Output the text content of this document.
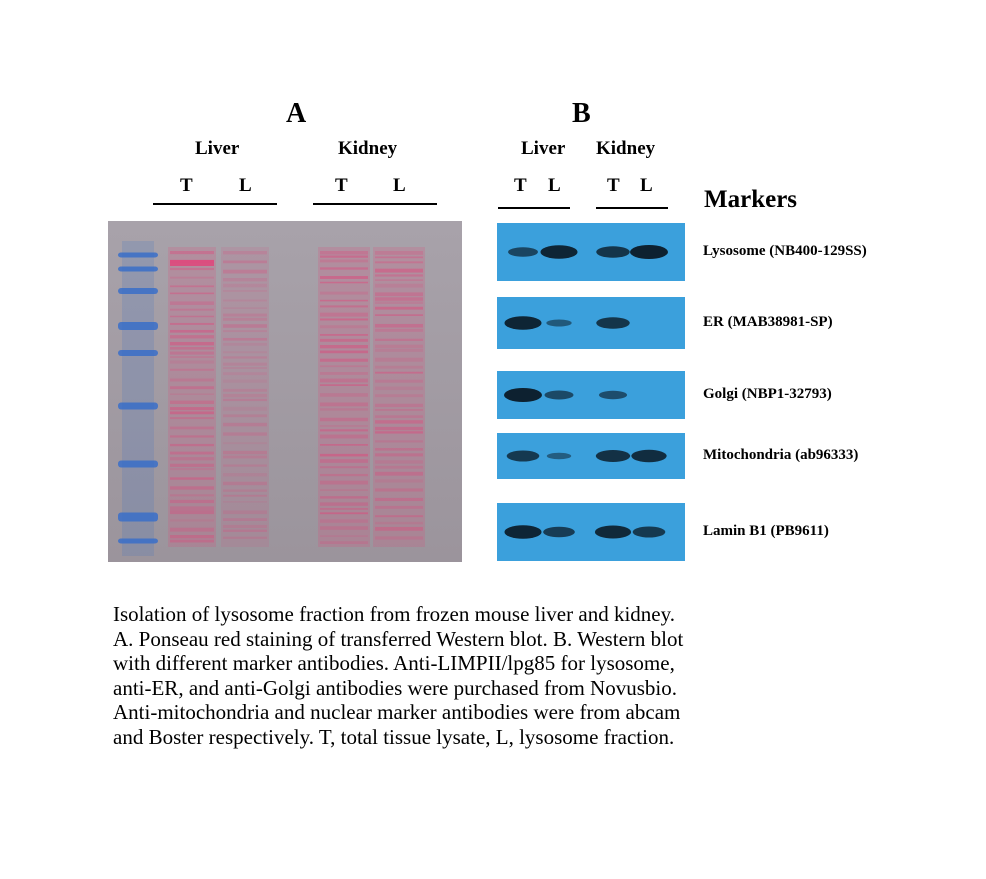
A
Liver	Kidney
T L	T L
B
Liver Kidney
T L T L
Markers
Lysosome (NB400-129SS)
ER (MAB38981-SP)
Golgi (NBP1-32793)
Mitochondria (ab96333)
Lamin B1 (PB9611)
Isolation of lysosome fraction from frozen mouse liver and kidney.
A. Ponseau red staining of transferred Western blot. B. Western blot
with different marker antibodies. Anti-LIMPII/lpg85 for lysosome,
anti-ER, and anti-Golgi antibodies were purchased from Novusbio.
Anti-mitochondria and nuclear marker antibodies were from abcam
and Boster respectively. T, total tissue lysate, L, lysosome fraction.
